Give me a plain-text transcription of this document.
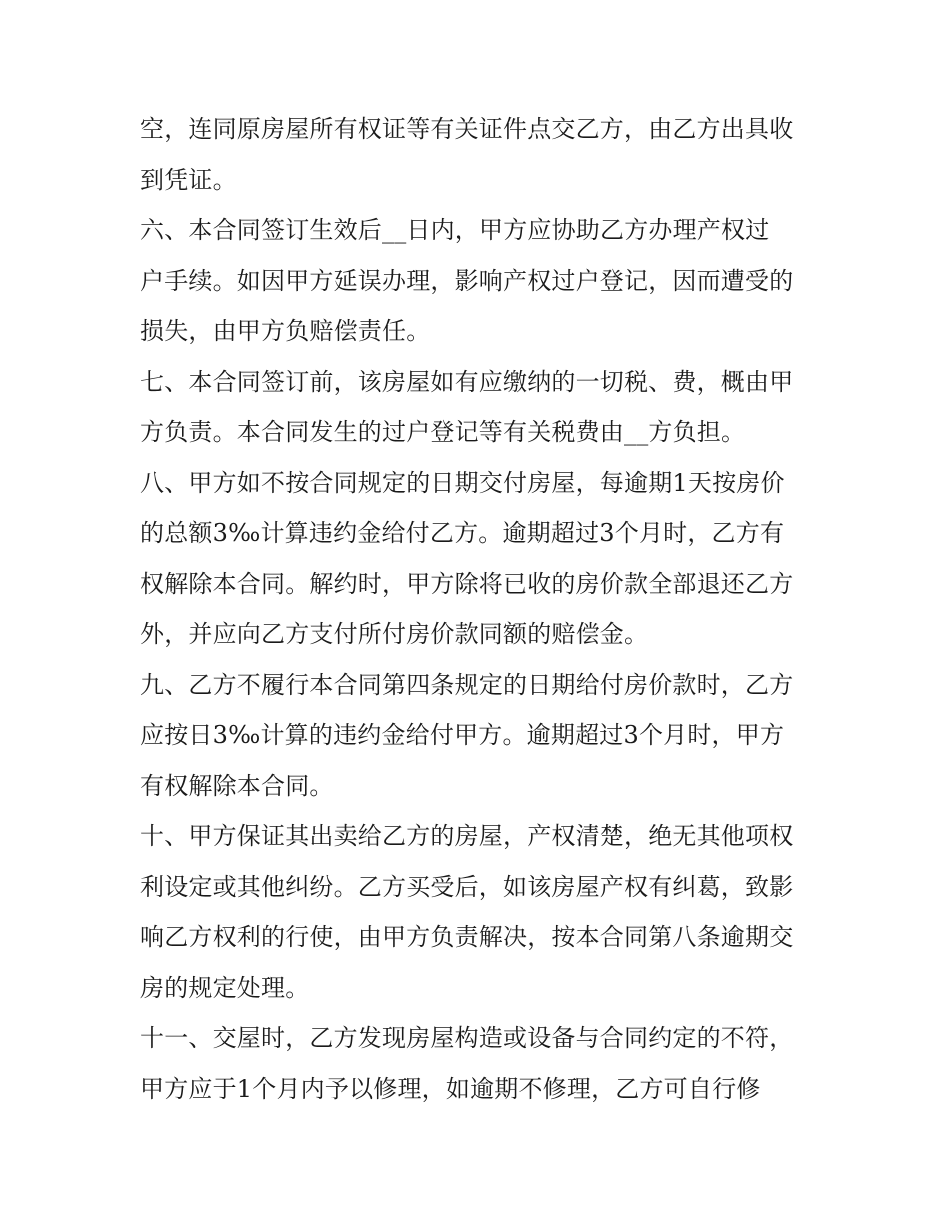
空，连同原房屋所有权证等有关证件点交乙方，由乙方出具收
到凭证。
六、本合同签订生效后__日内，甲方应协助乙方办理产权过
户手续。如因甲方延误办理，影响产权过户登记，因而遭受的
损失，由甲方负赔偿责任。
七、本合同签订前，该房屋如有应缴纳的一切税、费，概由甲
方负责。本合同发生的过户登记等有关税费由__方负担。
八、甲方如不按合同规定的日期交付房屋，每逾期1天按房价
的总额3‰计算违约金给付乙方。逾期超过3个月时，乙方有
权解除本合同。解约时，甲方除将已收的房价款全部退还乙方
外，并应向乙方支付所付房价款同额的赔偿金。
九、乙方不履行本合同第四条规定的日期给付房价款时，乙方
应按日3‰计算的违约金给付甲方。逾期超过3个月时，甲方
有权解除本合同。
十、甲方保证其出卖给乙方的房屋，产权清楚，绝无其他项权
利设定或其他纠纷。乙方买受后，如该房屋产权有纠葛，致影
响乙方权利的行使，由甲方负责解决，按本合同第八条逾期交
房的规定处理。
十一、交屋时，乙方发现房屋构造或设备与合同约定的不符，
甲方应于1个月内予以修理，如逾期不修理，乙方可自行修
